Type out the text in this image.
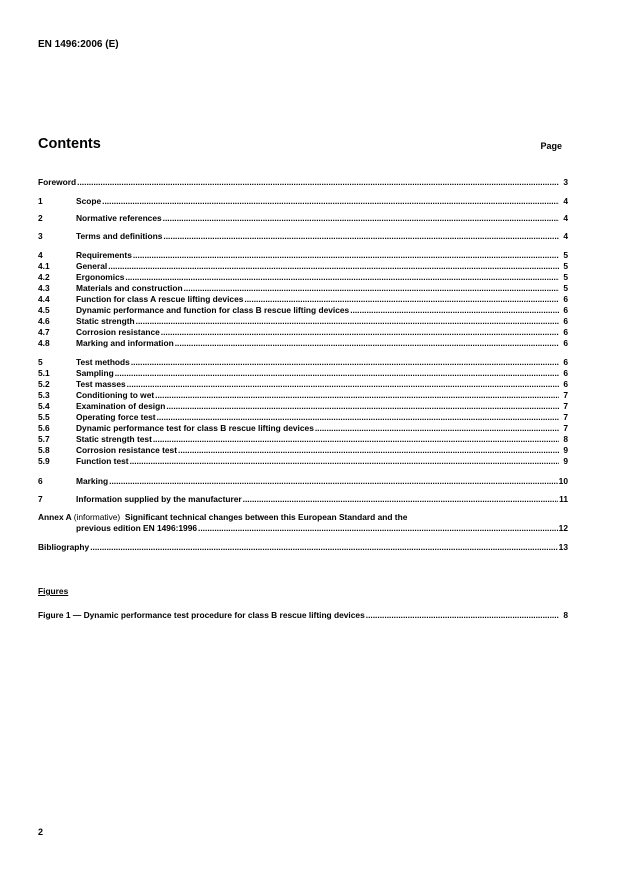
EN 1496:2006 (E)
Contents	Page
Foreword .....	3
1	Scope .....	4
2	Normative references .....	4
3	Terms and definitions .....	4
4	Requirements .....	5
4.1	General .....	5
4.2	Ergonomics .....	5
4.3	Materials and construction .....	5
4.4	Function for class A rescue lifting devices .....	6
4.5	Dynamic performance and function for class B rescue lifting devices .....	6
4.6	Static strength .....	6
4.7	Corrosion resistance .....	6
4.8	Marking and information .....	6
5	Test methods .....	6
5.1	Sampling .....	6
5.2	Test masses .....	6
5.3	Conditioning to wet .....	7
5.4	Examination of design .....	7
5.5	Operating force test .....	7
5.6	Dynamic performance test for class B rescue lifting devices .....	7
5.7	Static strength test .....	8
5.8	Corrosion resistance test .....	9
5.9	Function test .....	9
6	Marking .....	10
7	Information supplied by the manufacturer .....	11
Annex A (informative) Significant technical changes between this European Standard and the
previous edition EN 1496:1996 .....	12
Bibliography .....	13
Figure 1 — Dynamic performance test procedure for class B rescue lifting devices .....	8
Figures
2
